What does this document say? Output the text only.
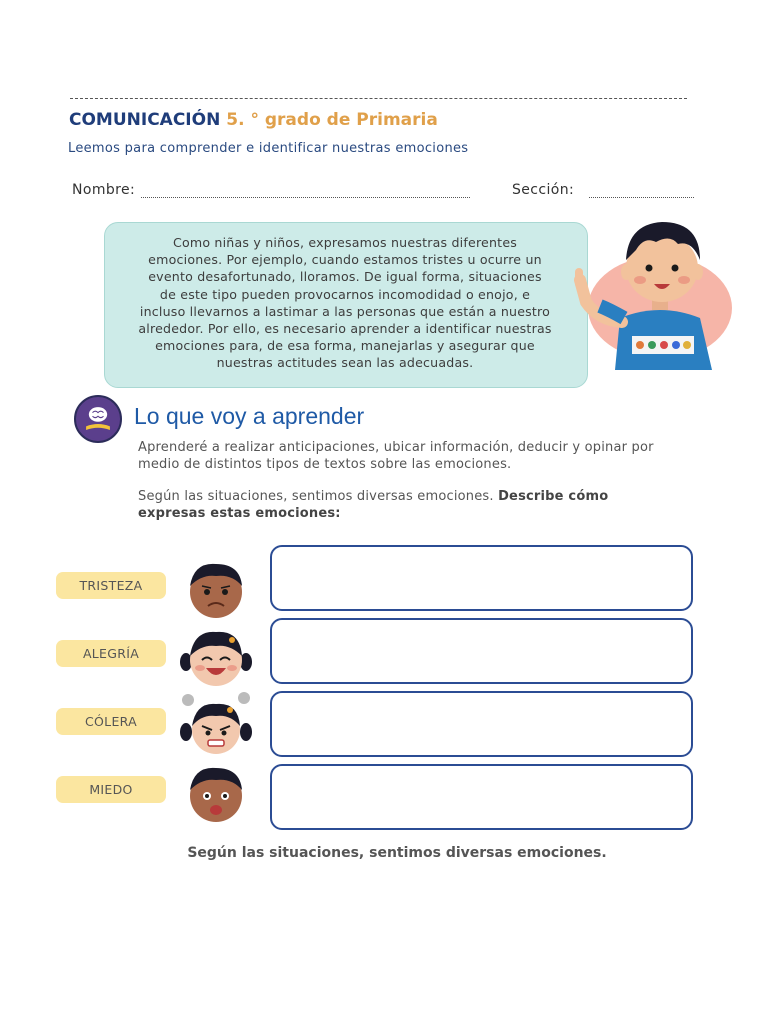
COMUNICACIÓN 5. ° grado de Primaria
Leemos para comprender e identificar nuestras emociones
Nombre:	Sección:
Como niñas y niños, expresamos nuestras diferentes
emociones. Por ejemplo, cuando estamos tristes u ocurre un
evento desafortunado, lloramos. De igual forma, situaciones
de este tipo pueden provocarnos incomodidad o enojo, e
incluso llevarnos a lastimar a las personas que están a nuestro
alrededor. Por ello, es necesario aprender a identificar nuestras
emociones para, de esa forma, manejarlas y asegurar que
nuestras actitudes sean las adecuadas.
Lo que voy a aprender
Aprenderé a realizar anticipaciones, ubicar información, deducir y opinar por medio de distintos tipos de textos sobre las emociones.
Según las situaciones, sentimos diversas emociones. Describe cómo expresas estas emociones:
TRISTEZA
ALEGRÍA
CÓLERA
MIEDO
Según las situaciones, sentimos diversas emociones.
